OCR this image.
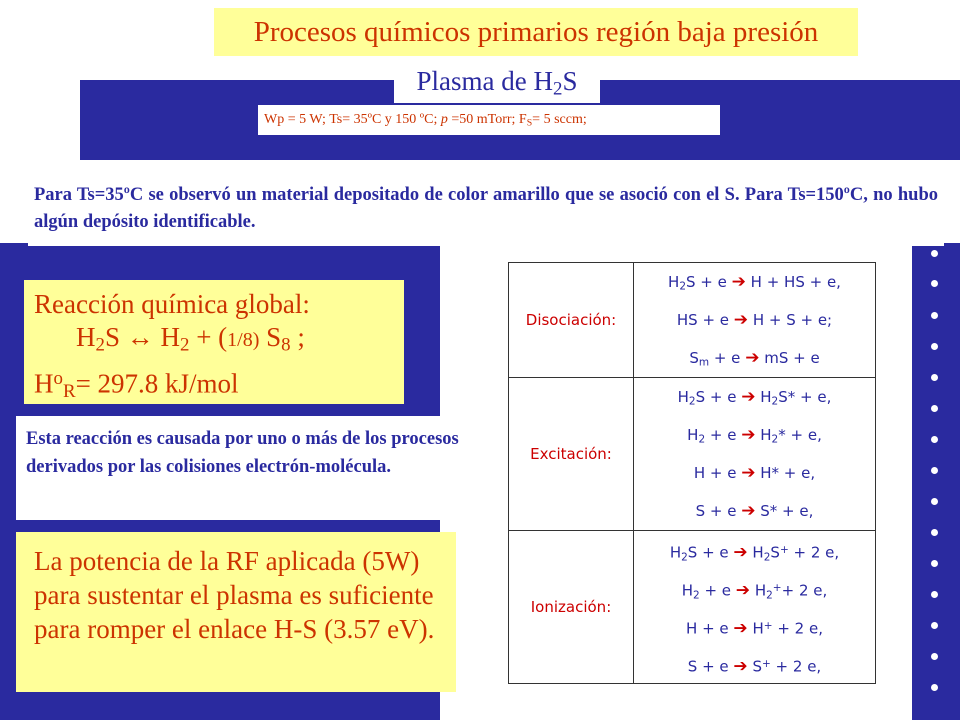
Procesos químicos primarios región baja presión
Plasma de $H_2S$
Wp = 5 W; Ts= 35ºC y 150 ºC; p =50 mTorr; $F_S= 5$ sccm;
Para Ts=35ºC se observó un material depositado de color amarillo que se asoció con el S. Para Ts=150ºC, no hubo algún depósito identificable.
Reacción química global:
$H_2S$ ↔ $H_2 + (1/8)$ $S_8$ ;
$H^o_R= 297.8$ kJ/mol
Esta reacción es causada por uno o más de los procesos derivados por las colisiones electrón-molécula.
La potencia de la RF aplicada (5W) para sustentar el plasma es suficiente para romper el enlace H-S (3.57 eV).
Disociación:	$H_2S + e$ ➔ H + HS + e,
HS + e ➔ H + S + e;
$S_m + e$ ➔ mS + e

Excitación:	$H_2S + e$ ➔ $H_2S* + e$,
$H_2 + e$ ➔ $H_2* + e$,
H + e ➔ H* + e,
S + e ➔ S* + e,

Ionización:	$H_2S + e$ ➔ $H_2S^+ + 2$ e,
$H_2 + e$ ➔ $H_2^++ 2$ e,
H + e ➔ H+ + 2 e,
S + e ➔ S+ + 2 e,
